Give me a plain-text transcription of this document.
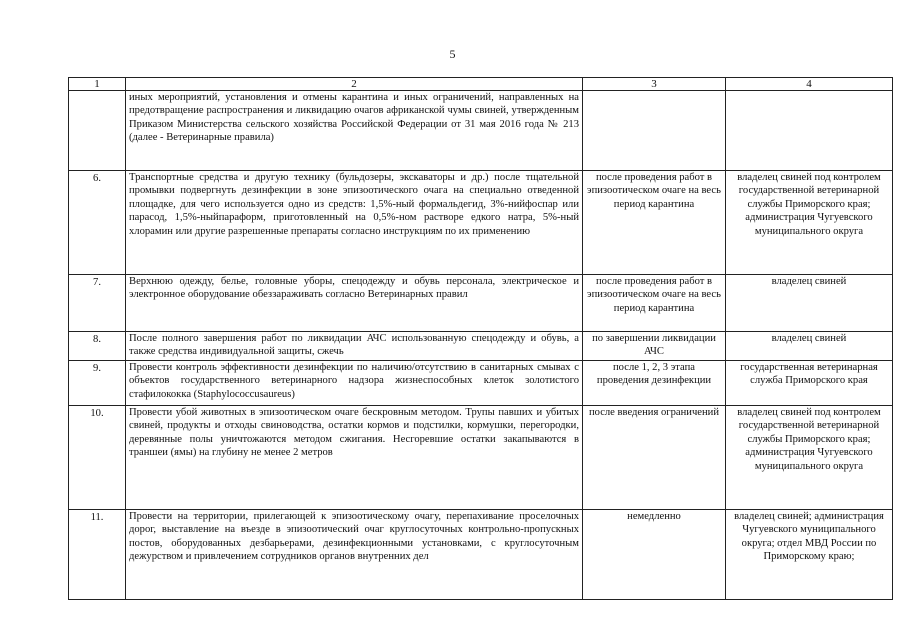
5
1	2	3	4
	иных мероприятий, установления и отмены карантина и иных ограничений, направленных на предотвращение распространения и ликвидацию очагов африканской чумы свиней, утвержденным Приказом Министерства сельского хозяйства Российской Федерации от 31 мая 2016 года № 213 (далее - Ветеринарные правила)		
6.	Транспортные средства и другую технику (бульдозеры, экскаваторы и др.) после тщательной промывки подвергнуть дезинфекции в зоне эпизоотического очага на специально отведенной площадке, для чего используется одно из средств: 1,5%-ный формальдегид, 3%-нийфоспар или парасод, 1,5%-ныйпараформ, приготовленный на 0,5%-ном растворе едкого натра, 5%-ный хлорамин или другие разрешенные препараты согласно инструкциям по их применению	после проведения работ в эпизоотическом очаге на весь период карантина	владелец свиней под контролем государственной ветеринарной службы Приморского края; администрация Чугуевского муниципального округа
7.	Верхнюю одежду, белье, головные уборы, спецодежду и обувь персонала, электрическое и электронное оборудование обеззараживать согласно Ветеринарных правил	после проведения работ в эпизоотическом очаге на весь период карантина	владелец свиней
8.	После полного завершения работ по ликвидации АЧС использованную спецодежду и обувь, а также средства индивидуальной защиты, сжечь	по завершении ликвидации АЧС	владелец свиней
9.	Провести контроль эффективности дезинфекции по наличию/отсутствию в санитарных смывах с объектов государственного ветеринарного надзора жизнеспособных клеток золотистого стафилококка (Staphylococcusaureus)	после 1, 2, 3 этапа проведения дезинфекции	государственная ветеринарная служба Приморского края
10.	Провести убой животных в эпизоотическом очаге бескровным методом. Трупы павших и убитых свиней, продукты и отходы свиноводства, остатки кормов и подстилки, кормушки, перегородки, деревянные полы уничтожаются методом сжигания. Несгоревшие остатки закапываются в траншеи (ямы) на глубину не менее 2 метров	после введения ограничений	владелец свиней под контролем государственной ветеринарной службы Приморского края; администрация Чугуевского муниципального округа
11.	Провести на территории, прилегающей к эпизоотическому очагу, перепахивание проселочных дорог, выставление на въезде в эпизоотический очаг круглосуточных контрольно-пропускных постов, оборудованных дезбарьерами, дезинфекционными установками, с круглосуточным дежурством и привлечением сотрудников органов внутренних дел	немедленно	владелец свиней; администрация Чугуевского муниципального округа; отдел МВД России по Приморскому краю;
